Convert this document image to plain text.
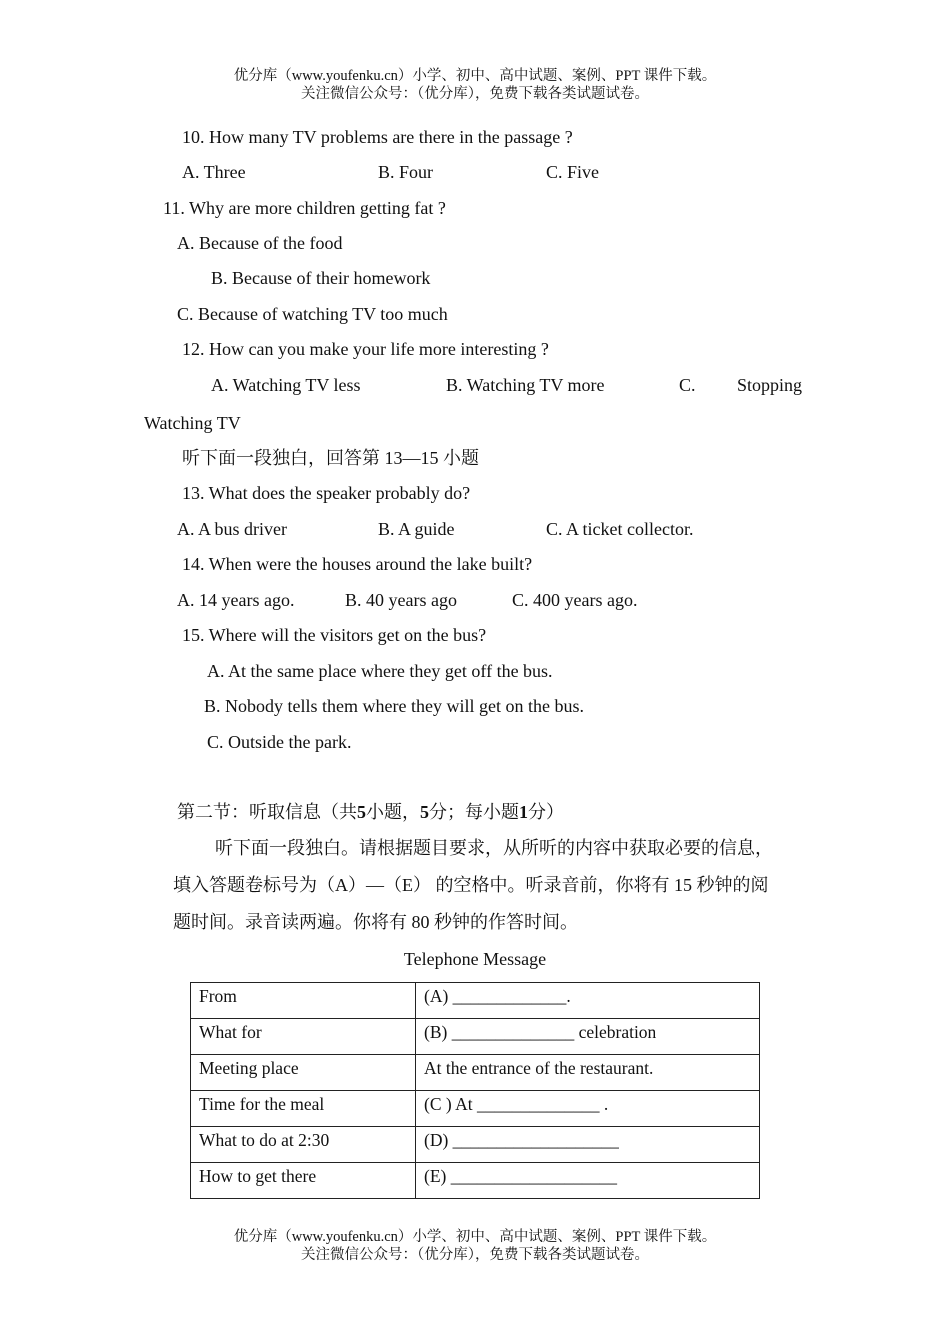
优分库（www.youfenku.cn）小学、初中、高中试题、案例、PPT 课件下载。
关注微信公众号：（优分库），免费下载各类试题试卷。
10. How many TV problems are there in the passage ?
A. Three	B. Four	C. Five
11. Why are more children getting fat ?
A. Because of the food
B. Because of their homework
C. Because of watching TV too much
12. How can you make your life more interesting ?
A. Watching TV less	B. Watching TV more	C. Stopping
Watching TV
听下面一段独白，回答第 13—15 小题
13. What does the speaker probably do?
A. A bus driver	B. A guide	C. A ticket collector.
14. When were the houses around the lake built?
A. 14 years ago.	B. 40 years ago	C. 400 years ago.
15. Where will the visitors get on the bus?
A. At the same place where they get off the bus.
B. Nobody tells them where they will get on the bus.
C. Outside the park.
第二节：听取信息（共5小题，5分；每小题1分）
听下面一段独白。请根据题目要求，从所听的内容中获取必要的信息，
填入答题卷标号为（A）—（E） 的空格中。听录音前，你将有 15 秒钟的阅
题时间。录音读两遍。你将有 80 秒钟的作答时间。
Telephone Message
From	(A) _____________.
What for	(B) ______________ celebration
Meeting place	At the entrance of the restaurant.
Time for the meal	(C ) At ______________ .
What to do at 2:30	(D) ___________________
How to get there	(E) ___________________
优分库（www.youfenku.cn）小学、初中、高中试题、案例、PPT 课件下载。
关注微信公众号：（优分库），免费下载各类试题试卷。
